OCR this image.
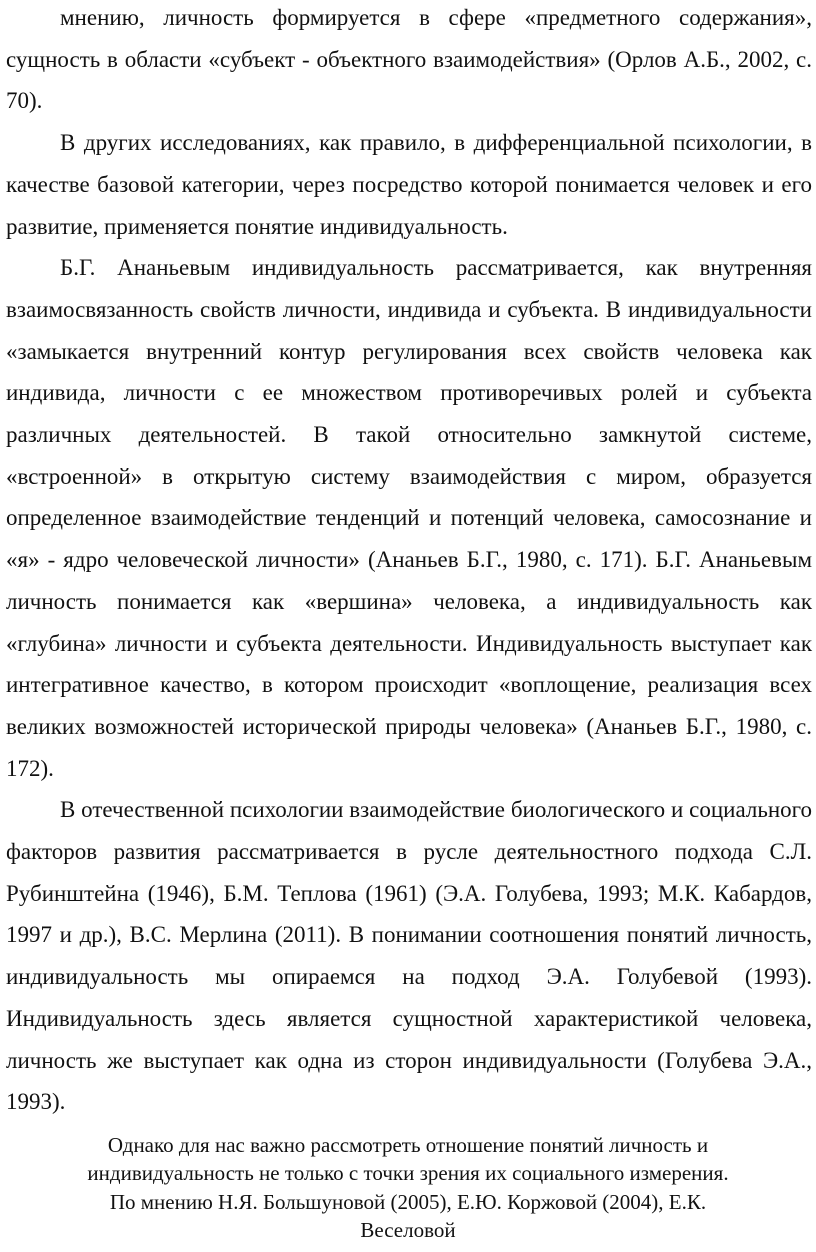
мнению, личность формируется в сфере «предметного содержания», сущность в области «субъект - объектного взаимодействия» (Орлов А.Б., 2002, с. 70).

В других исследованиях, как правило, в дифференциальной психологии, в качестве базовой категории, через посредство которой понимается человек и его развитие, применяется понятие индивидуальность.

Б.Г. Ананьевым индивидуальность рассматривается, как внутренняя взаимосвязанность свойств личности, индивида и субъекта. В индивидуальности «замыкается внутренний контур регулирования всех свойств человека как индивида, личности с ее множеством противоречивых ролей и субъекта различных деятельностей. В такой относительно замкнутой системе, «встроенной» в открытую систему взаимодействия с миром, образуется определенное взаимодействие тенденций и потенций человека, самосознание и «я» - ядро человеческой личности» (Ананьев Б.Г., 1980, с. 171). Б.Г. Ананьевым личность понимается как «вершина» человека, а индивидуальность как «глубина» личности и субъекта деятельности. Индивидуальность выступает как интегративное качество, в котором происходит «воплощение, реализация всех великих возможностей исторической природы человека» (Ананьев Б.Г., 1980, с. 172).

В отечественной психологии взаимодействие биологического и социального факторов развития рассматривается в русле деятельностного подхода С.Л. Рубинштейна (1946), Б.М. Теплова (1961) (Э.А. Голубева, 1993; М.К. Кабардов, 1997 и др.), В.С. Мерлина (2011). В понимании соотношения понятий личность, индивидуальность мы опираемся на подход Э.А. Голубевой (1993). Индивидуальность здесь является сущностной характеристикой человека, личность же выступает как одна из сторон индивидуальности (Голубева Э.А., 1993).

Однако для нас важно рассмотреть отношение понятий личность и
индивидуальность не только с точки зрения их социального измерения.
По мнению Н.Я. Большуновой (2005), Е.Ю. Коржовой (2004), Е.К.
Веселовой
